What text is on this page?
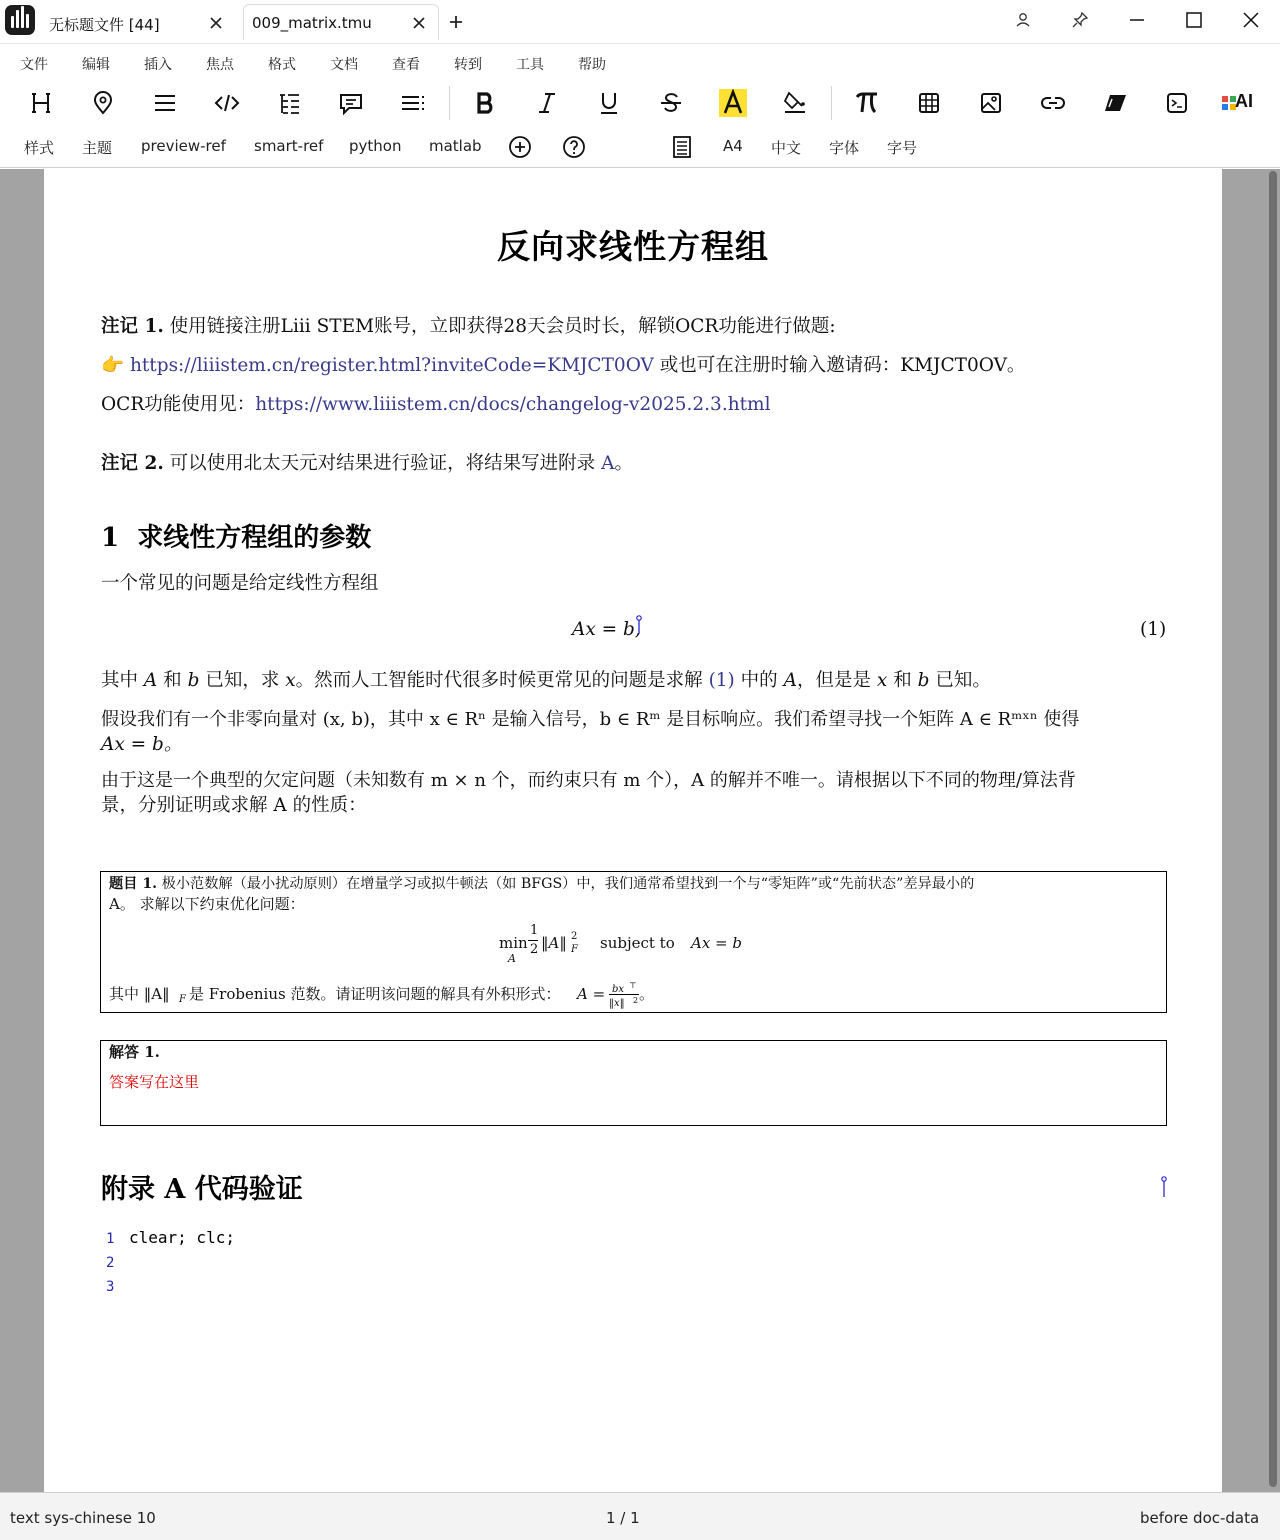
无标题文件 [44]	009_matrix.tmu
文件 编辑 插入 焦点 格式 文档 查看 转到 工具 帮助
AI
样式 主题 preview-ref smart-ref python matlab	A4 中文 字体 字号
反向求线性方程组
注记 1. 使用链接注册Liii STEM账号，立即获得28天会员时长，解锁OCR功能进行做题:
👉 https://liiistem.cn/register.html?inviteCode=KMJCT0OV 或也可在注册时输入邀请码：KMJCT0OV。
OCR功能使用见：https://www.liiistem.cn/docs/changelog-v2025.2.3.html
注记 2. 可以使用北太天元对结果进行验证，将结果写进附录 A。
1 求线性方程组的参数
一个常见的问题是给定线性方程组
Ax = b,	(1)
其中 A 和 b 已知，求 x。然而人工智能时代很多时候更常见的问题是求解 (1) 中的 A，但是是 x 和 b 已知。
假设我们有一个非零向量对 (x, b)，其中 x ∈ Rⁿ 是输入信号，b ∈ Rᵐ 是目标响应。我们希望寻找一个矩阵 A ∈ Rᵐˣⁿ 使得
Ax = b。
由于这是一个典型的欠定问题（未知数有 m × n 个，而约束只有 m 个），A 的解并不唯一。请根据以下不同的物理/算法背
景，分别证明或求解 A 的性质：
题目 1. 极小范数解（最小扰动原则）在增量学习或拟牛顿法（如 BFGS）中，我们通常希望找到一个与“零矩阵”或“先前状态”差异最小的
A。 求解以下约束优化问题：
min
A
1
2 ‖A‖ 2
F subject to Ax = b
其中 ‖A‖ F 是 Frobenius 范数。请证明该问题的解具有外积形式： A = bx ⊤
‖x‖ 2 。
解答 1.
答案写在这里
附录 A 代码验证
1 clear; clc;
2
3
text sys-chinese 10	1 / 1	before doc-data
